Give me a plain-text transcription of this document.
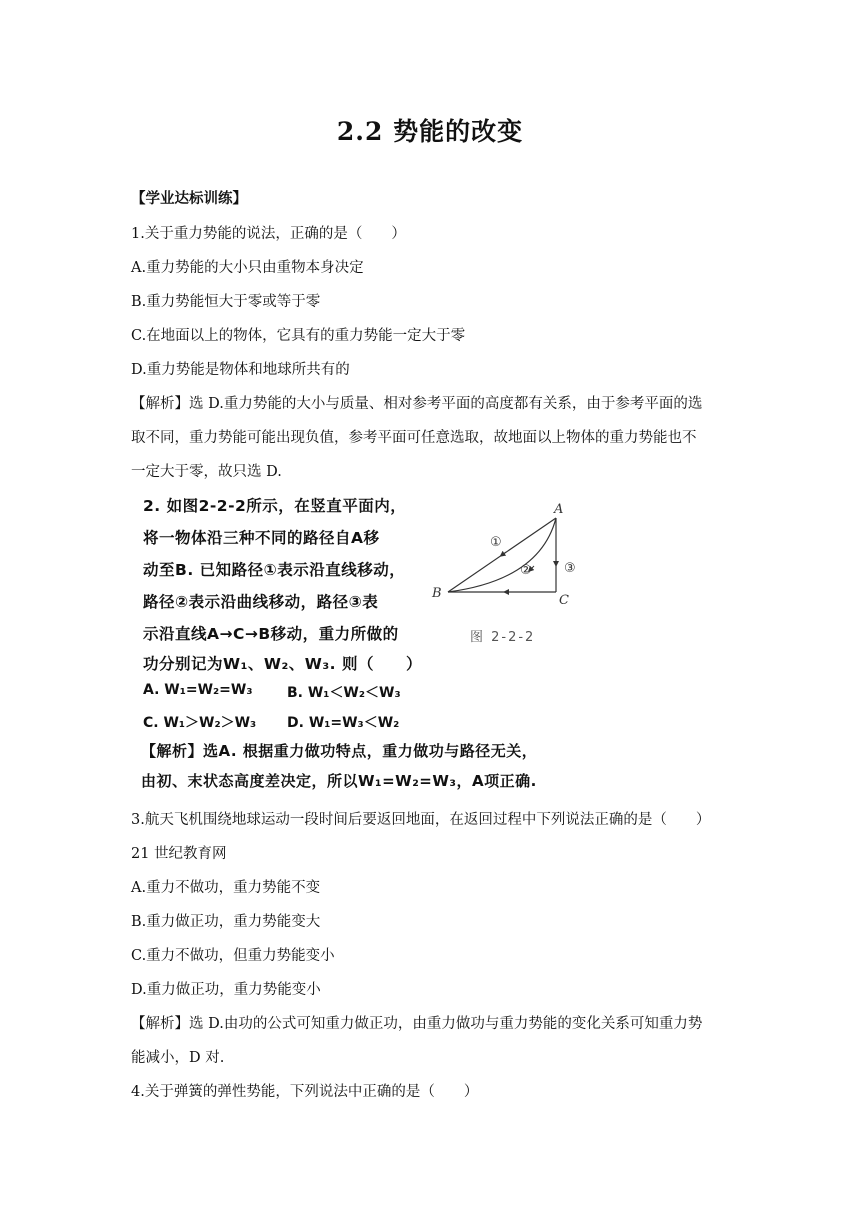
2.2 势能的改变
【学业达标训练】
1.关于重力势能的说法，正确的是（　　）
A.重力势能的大小只由重物本身决定
B.重力势能恒大于零或等于零
C.在地面以上的物体，它具有的重力势能一定大于零
D.重力势能是物体和地球所共有的
【解析】选 D.重力势能的大小与质量、相对参考平面的高度都有关系，由于参考平面的选
取不同，重力势能可能出现负值，参考平面可任意选取，故地面以上物体的重力势能也不
一定大于零，故只选 D.
2. 如图2-2-2所示，在竖直平面内，
将一物体沿三种不同的路径自A移
动至B. 已知路径①表示沿直线移动，
路径②表示沿曲线移动，路径③表
示沿直线A→C→B移动，重力所做的
功分别记为W₁、W₂、W₃. 则（　　）
A. W₁=W₂=W₃ B. W₁＜W₂＜W₃
C. W₁＞W₂＞W₃ D. W₁=W₃＜W₂
【解析】选A. 根据重力做功特点，重力做功与路径无关，
由初、末状态高度差决定，所以W₁=W₂=W₃，A项正确.
A
B	C
①
② ③
图 2-2-2
3.航天飞机围绕地球运动一段时间后要返回地面，在返回过程中下列说法正确的是（　　）
21 世纪教育网
A.重力不做功，重力势能不变
B.重力做正功，重力势能变大
C.重力不做功，但重力势能变小
D.重力做正功，重力势能变小
【解析】选 D.由功的公式可知重力做正功，由重力做功与重力势能的变化关系可知重力势
能减小，D 对.
4.关于弹簧的弹性势能，下列说法中正确的是（　　）
